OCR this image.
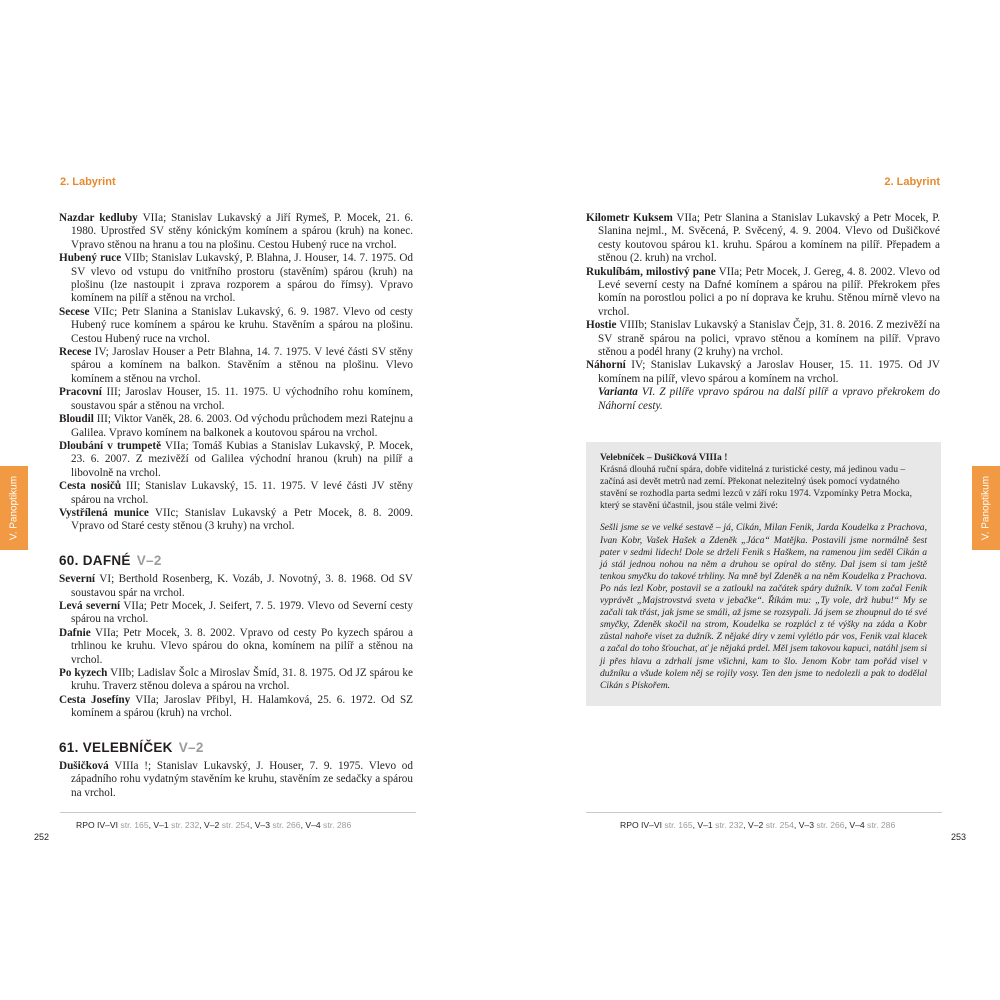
2. Labyrint

Nazdar kedluby VIIa; Stanislav Lukavský a Jiří Rymeš, P. Mocek, 21. 6. 1980. Uprostřed SV stěny kónickým komínem a spárou (kruh) na konec. Vpravo stěnou na hranu a tou na plošinu. Cestou Hubený ruce na vrchol.

Hubený ruce VIIb; Stanislav Lukavský, P. Blahna, J. Houser, 14. 7. 1975. Od SV vlevo od vstupu do vnitřního prostoru (stavěním) spárou (kruh) na plošinu (lze nastoupit i zprava rozporem a spárou do římsy). Vpravo komínem na pilíř a stěnou na vrchol.

Secese VIIc; Petr Slanina a Stanislav Lukavský, 6. 9. 1987. Vlevo od cesty Hubený ruce komínem a spárou ke kruhu. Stavěním a spárou na plošinu. Cestou Hubený ruce na vrchol.

Recese IV; Jaroslav Houser a Petr Blahna, 14. 7. 1975. V levé části SV stěny spárou a komínem na balkon. Stavěním a stěnou na plošinu. Vlevo komínem a stěnou na vrchol.

Pracovní III; Jaroslav Houser, 15. 11. 1975. U východního rohu komínem, soustavou spár a stěnou na vrchol.

Bloudil III; Viktor Vaněk, 28. 6. 2003. Od východu průchodem mezi Ratejnu a Galilea. Vpravo komínem na balkonek a koutovou spárou na vrchol.

Dloubání v trumpetě VIIa; Tomáš Kubias a Stanislav Lukavský, P. Mocek, 23. 6. 2007. Z mezivěží od Galilea východní hranou (kruh) na pilíř a libovolně na vrchol.

Cesta nosičů III; Stanislav Lukavský, 15. 11. 1975. V levé části JV stěny spárou na vrchol.

Vystřílená munice VIIc; Stanislav Lukavský a Petr Mocek, 8. 8. 2009. Vpravo od Staré cesty stěnou (3 kruhy) na vrchol.

60. DAFNÉ V–2

Severní VI; Berthold Rosenberg, K. Vozáb, J. Novotný, 3. 8. 1968. Od SV soustavou spár na vrchol.

Levá severní VIIa; Petr Mocek, J. Seifert, 7. 5. 1979. Vlevo od Severní cesty spárou na vrchol.

Dafnie VIIa; Petr Mocek, 3. 8. 2002. Vpravo od cesty Po kyzech spárou a trhlinou ke kruhu. Vlevo spárou do okna, komínem na pilíř a stěnou na vrchol.

Po kyzech VIIb; Ladislav Šolc a Miroslav Šmíd, 31. 8. 1975. Od JZ spárou ke kruhu. Traverz stěnou doleva a spárou na vrchol.

Cesta Josefíny VIIa; Jaroslav Přibyl, H. Halamková, 25. 6. 1972. Od SZ komínem a spárou (kruh) na vrchol.

61. VELEBNÍČEK V–2

Dušičková VIIIa !; Stanislav Lukavský, J. Houser, 7. 9. 1975. Vlevo od západního rohu vydatným stavěním ke kruhu, stavěním ze sedačky a spárou na vrchol.

V. Panoptikum
RPO IV–VI str. 165, V–1 str. 232, V–2 str. 254, V–3 str. 266, V–4 str. 286
252
2. Labyrint

Kilometr Kuksem VIIa; Petr Slanina a Stanislav Lukavský a Petr Mocek, P. Slanina nejml., M. Svěcená, P. Svěcený, 4. 9. 2004. Vlevo od Dušičkové cesty koutovou spárou k1. kruhu. Spárou a komínem na pilíř. Přepadem a stěnou (2. kruh) na vrchol.

Rukulíbám, milostivý pane VIIa; Petr Mocek, J. Gereg, 4. 8. 2002. Vlevo od Levé severní cesty na Dafné komínem a spárou na pilíř. Překrokem přes komín na porostlou polici a po ní doprava ke kruhu. Stěnou mírně vlevo na vrchol.

Hostie VIIIb; Stanislav Lukavský a Stanislav Čejp, 31. 8. 2016. Z mezivěží na SV straně spárou na polici, vpravo stěnou a komínem na pilíř. Vpravo stěnou a podél hrany (2 kruhy) na vrchol.

Náhorní IV; Stanislav Lukavský a Jaroslav Houser, 15. 11. 1975. Od JV komínem na pilíř, vlevo spárou a komínem na vrchol.

Varianta VI. Z pilíře vpravo spárou na další pilíř a vpravo překrokem do Náhorní cesty.

Velebníček – Dušičková VIIIa !

Krásná dlouhá ruční spára, dobře viditelná z turistické cesty, má jedinou vadu – začíná asi devět metrů nad zemí. Překonat nelezitelný úsek pomocí vydatného stavění se rozhodla parta sedmi lezců v září roku 1974. Vzpomínky Petra Mocka, který se stavění účastnil, jsou stále velmi živé:

Sešli jsme se ve velké sestavě – já, Cikán, Milan Fenik, Jarda Koudelka z Prachova, Ivan Kobr, Vašek Hašek a Zdeněk „Jáca“ Matějka. Postavili jsme normálně šest pater v sedmi lidech! Dole se drželi Fenik s Haškem, na ramenou jim seděl Cikán a já stál jednou nohou na něm a druhou se opíral do stěny. Dal jsem si tam ještě tenkou smyčku do takové trhliny. Na mně byl Zdeněk a na něm Koudelka z Prachova. Po nás lezl Kobr, postavil se a zatloukl na začátek spáry dužník. V tom začal Fenik vyprávět „Majstrovstvá sveta v jebačke“. Říkám mu: „Ty vole, drž hubu!“ My se začali tak třást, jak jsme se smáli, až jsme se rozsypali. Já jsem se zhoupnul do té své smyčky, Zdeněk skočil na strom, Koudelka se rozplácl z té výšky na záda a Kobr zůstal nahoře viset za dužník. Z nějaké díry v zemi vylétlo pár vos, Fenik vzal klacek a začal do toho šťouchat, ať je nějaká prdel. Měl jsem takovou kapuci, natáhl jsem si ji přes hlavu a zdrhali jsme všichni, kam to šlo. Jenom Kobr tam pořád visel v dužníku a všude kolem něj se rojily vosy. Ten den jsme to nedolezli a pak to dodělal Cikán s Pískořem.

V. Panoptikum
RPO IV–VI str. 165, V–1 str. 232, V–2 str. 254, V–3 str. 266, V–4 str. 286
253
